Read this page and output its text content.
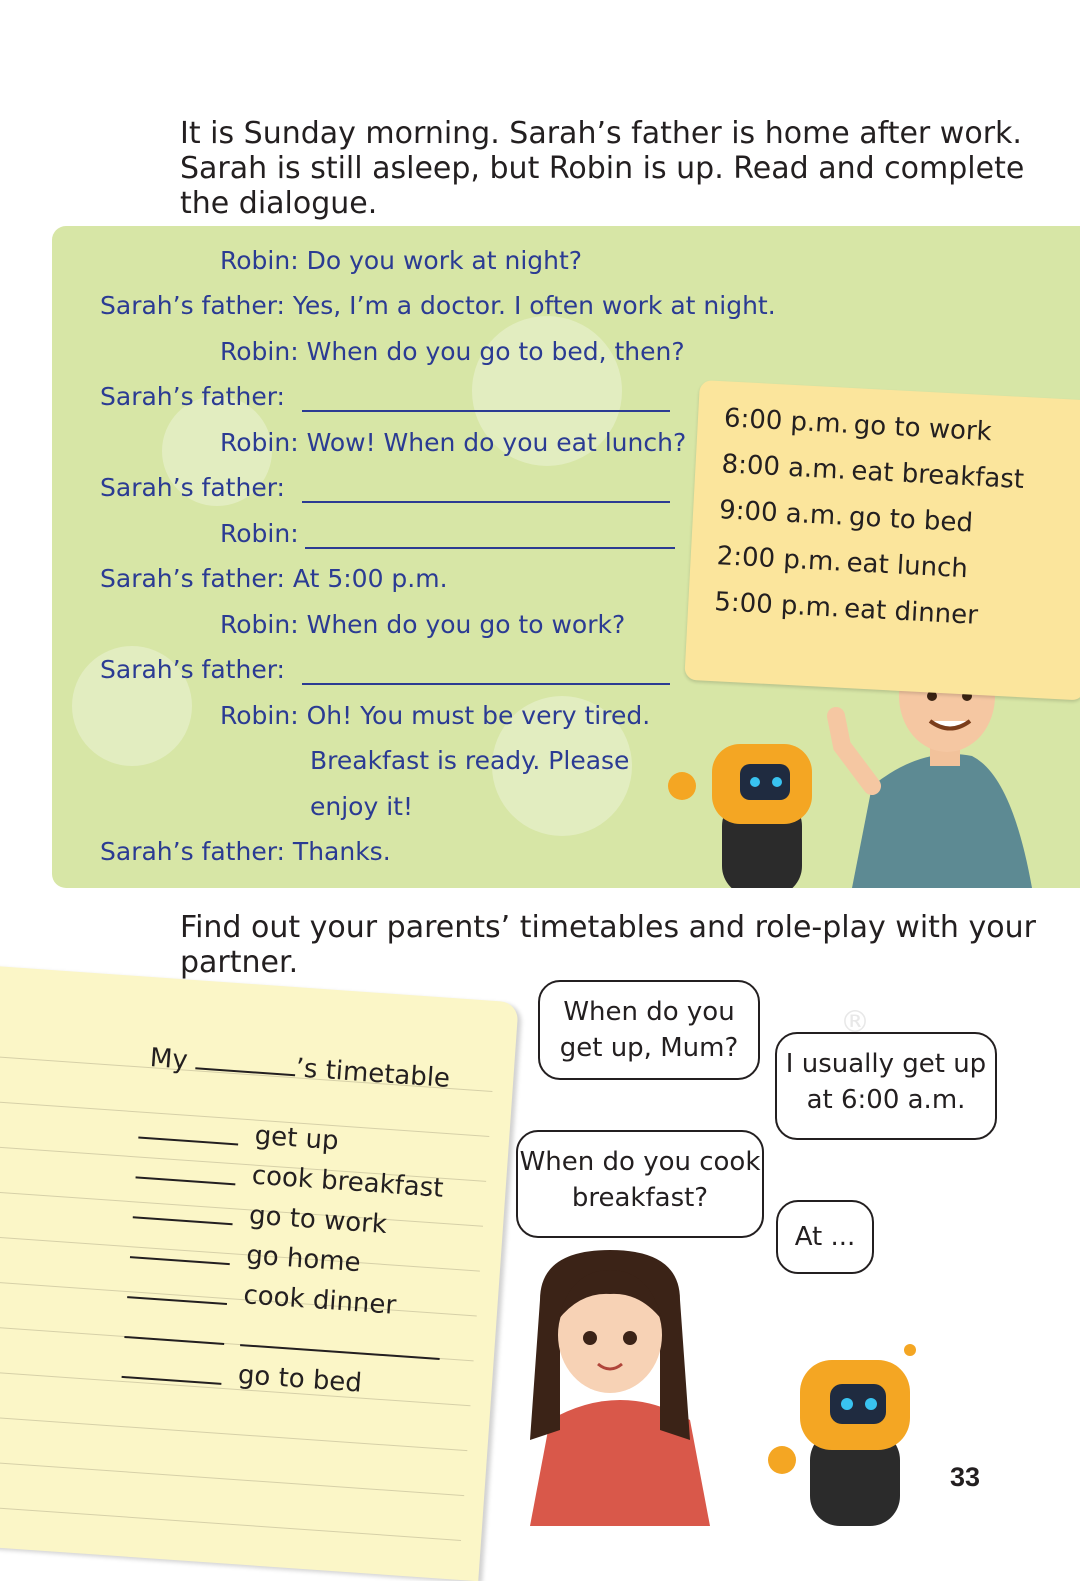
It is Sunday morning. Sarah’s father is home after work. Sarah is still asleep, but Robin is up. Read and complete the dialogue.
Robin: Do you work at night?
Sarah’s father: Yes, I’m a doctor. I often work at night.
Robin: When do you go to bed, then?
Sarah’s father:
Robin: Wow! When do you eat lunch?
Sarah’s father:
Robin:
Sarah’s father: At 5:00 p.m.
Robin: When do you go to work?
Sarah’s father:
Robin: Oh! You must be very tired.
Breakfast is ready. Please
enjoy it!
Sarah’s father: Thanks.
6:00 p.m. go to work
8:00 a.m. eat breakfast
9:00 a.m. go to bed
2:00 p.m. eat lunch
5:00 p.m. eat dinner
Find out your parents’ timetables and role-play with your partner.
My	’s timetable
get up
cook breakfast
go to work
go home
cook dinner
go to bed
When do you get up, Mum?
I usually get up at 6:00 a.m.
When do you cook breakfast?
At ...
®
33
